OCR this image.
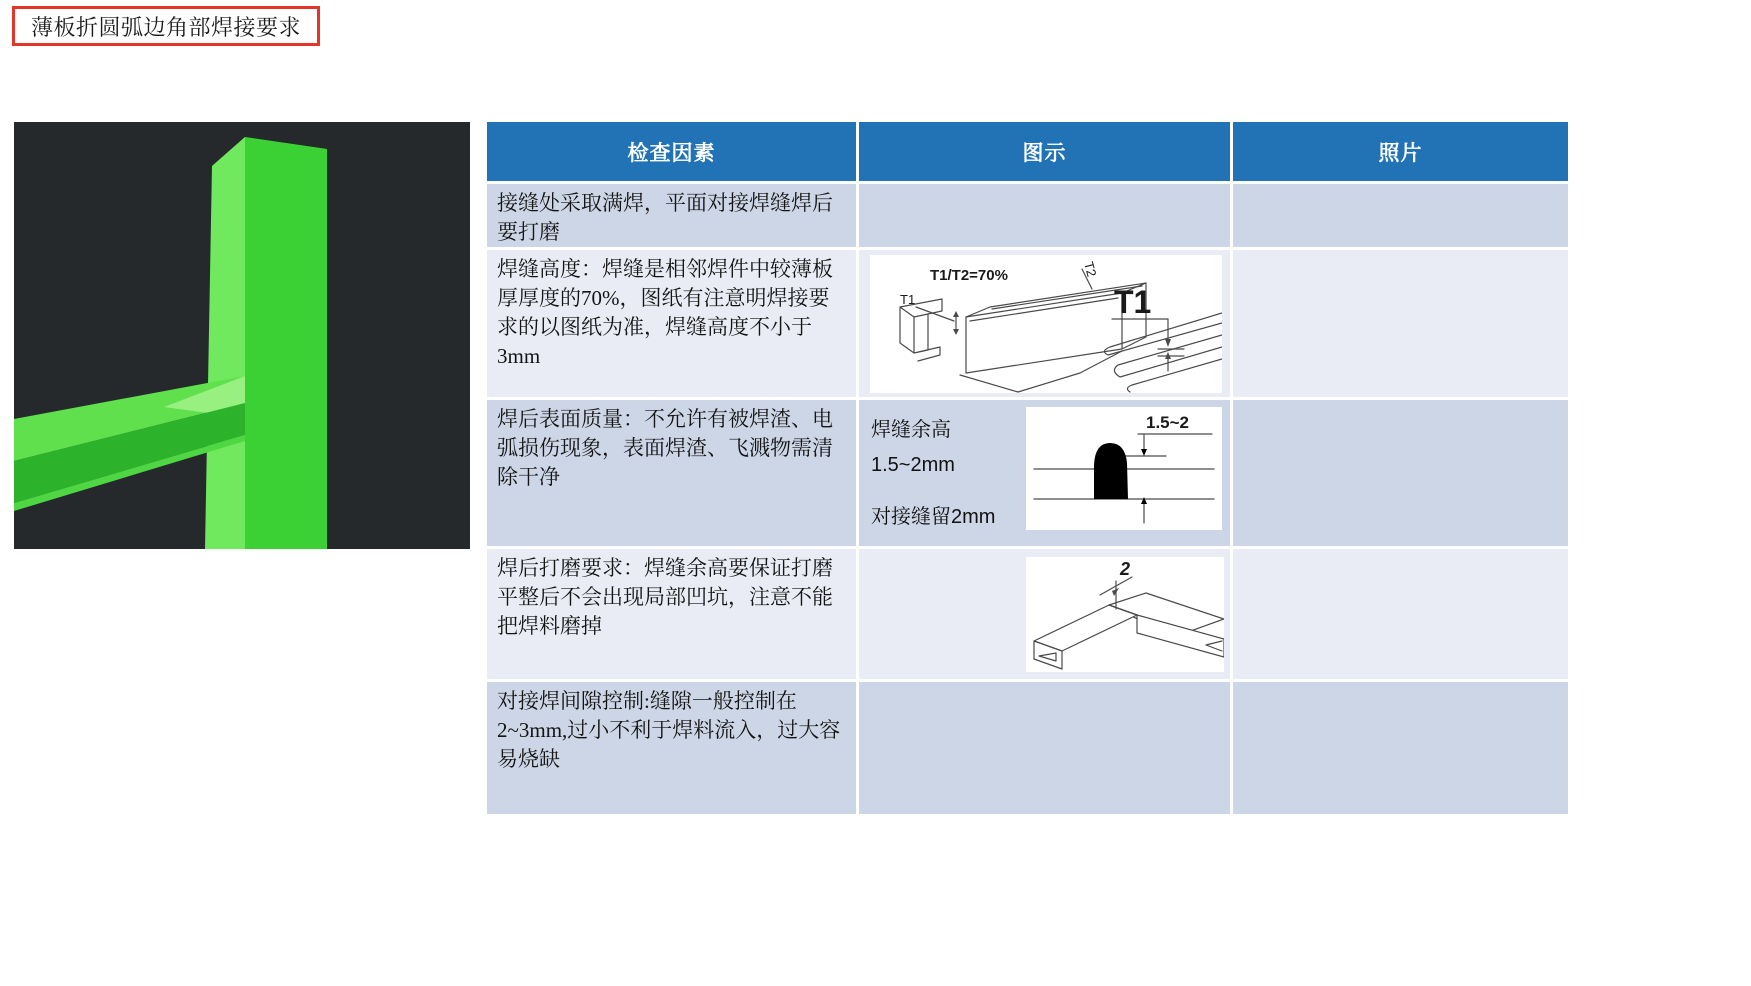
薄板折圆弧边角部焊接要求
检查因素	图示	照片
接缝处采取满焊，平面对接焊缝焊后要打磨
焊缝高度：焊缝是相邻焊件中较薄板厚厚度的70%，图纸有注意明焊接要求的以图纸为准，焊缝高度不小于3mm
T1/T2=70%
T1
T2
T1
焊后表面质量：不允许有被焊渣、电弧损伤现象，表面焊渣、飞溅物需清除干净
焊缝余高
1.5~2mm
对接缝留2mm
1.5~2
焊后打磨要求：焊缝余高要保证打磨平整后不会出现局部凹坑，注意不能把焊料磨掉
2
对接焊间隙控制:缝隙一般控制在2~3mm,过小不利于焊料流入，过大容易烧缺
